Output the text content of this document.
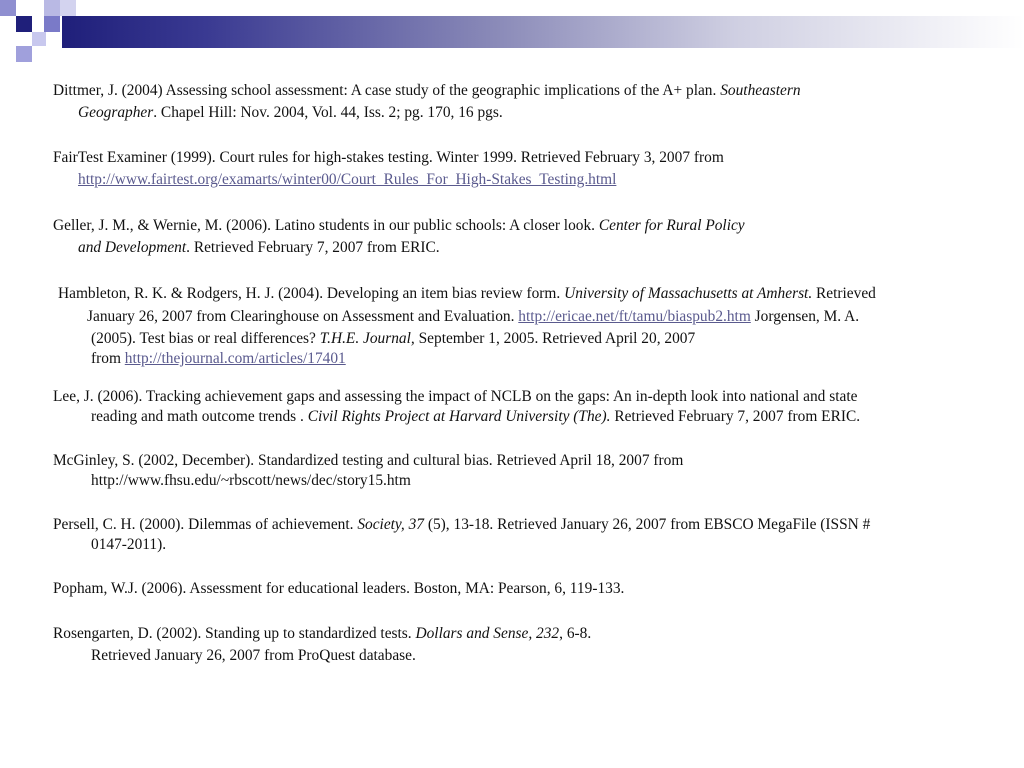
Dittmer, J. (2004) Assessing school assessment: A case study of the geographic implications of the A+ plan. Southeastern
Geographer. Chapel Hill: Nov. 2004, Vol. 44, Iss. 2; pg. 170, 16 pgs.
FairTest Examiner (1999). Court rules for high-stakes testing. Winter 1999. Retrieved February 3, 2007 from
http://www.fairtest.org/examarts/winter00/Court_Rules_For_High-Stakes_Testing.html
Geller, J. M., & Wernie, M. (2006). Latino students in our public schools: A closer look. Center for Rural Policy
and Development. Retrieved February 7, 2007 from ERIC.
Hambleton, R. K. & Rodgers, H. J. (2004). Developing an item bias review form. University of Massachusetts at Amherst. Retrieved
January 26, 2007 from Clearinghouse on Assessment and Evaluation. http://ericae.net/ft/tamu/biaspub2.htm Jorgensen, M. A.
(2005). Test bias or real differences? T.H.E. Journal, September 1, 2005. Retrieved April 20, 2007
from http://thejournal.com/articles/17401
Lee, J. (2006). Tracking achievement gaps and assessing the impact of NCLB on the gaps: An in-depth look into national and state
reading and math outcome trends . Civil Rights Project at Harvard University (The). Retrieved February 7, 2007 from ERIC.
McGinley, S. (2002, December). Standardized testing and cultural bias. Retrieved April 18, 2007 from
http://www.fhsu.edu/~rbscott/news/dec/story15.htm
Persell, C. H. (2000). Dilemmas of achievement. Society, 37 (5), 13-18. Retrieved January 26, 2007 from EBSCO MegaFile (ISSN #
0147-2011).
Popham, W.J. (2006). Assessment for educational leaders. Boston, MA: Pearson, 6, 119-133.
Rosengarten, D. (2002). Standing up to standardized tests. Dollars and Sense, 232, 6-8.
Retrieved January 26, 2007 from ProQuest database.
